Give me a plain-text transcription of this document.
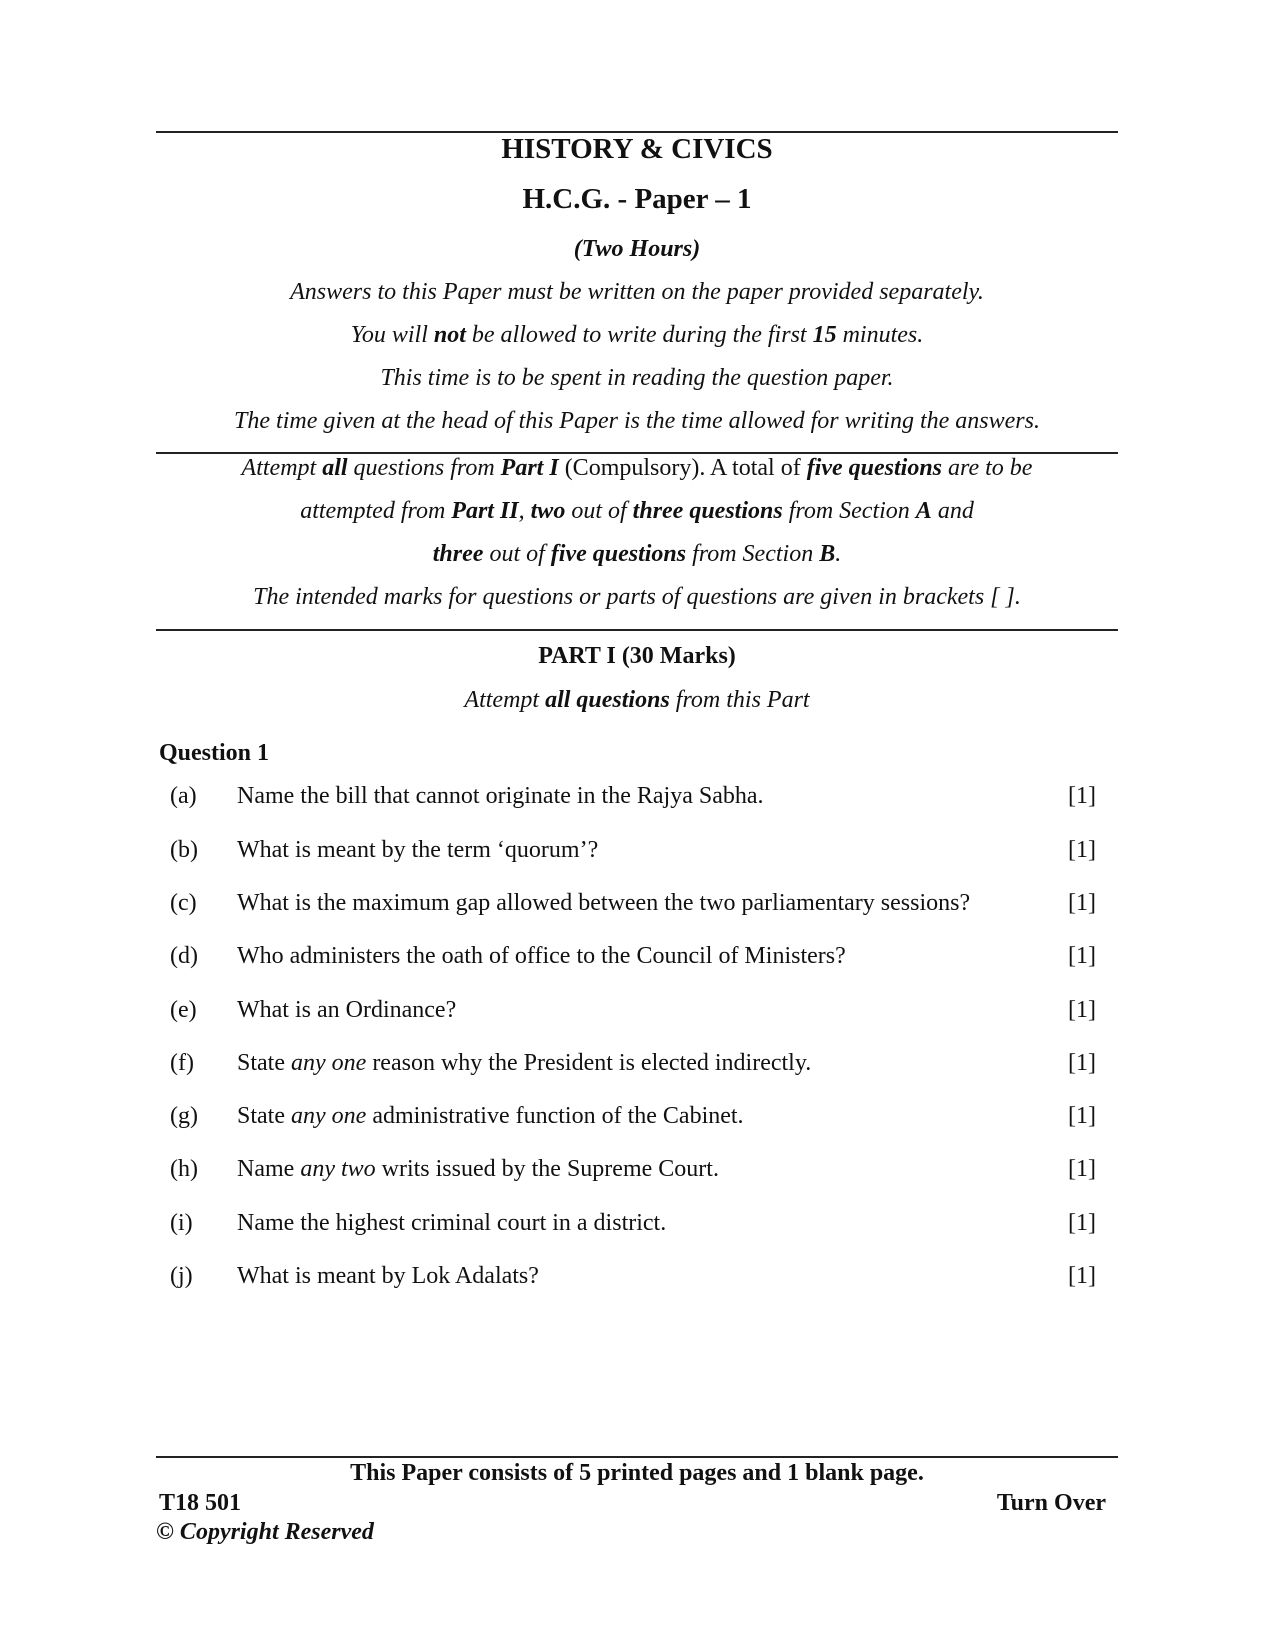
HISTORY & CIVICS
H.C.G. - Paper – 1
(Two Hours)
Answers to this Paper must be written on the paper provided separately.
You will not be allowed to write during the first 15 minutes.
This time is to be spent in reading the question paper.
The time given at the head of this Paper is the time allowed for writing the answers.
Attempt all questions from Part I (Compulsory). A total of five questions are to be
attempted from Part II, two out of three questions from Section A and
three out of five questions from Section B.
The intended marks for questions or parts of questions are given in brackets [ ].
PART I (30 Marks)
Attempt all questions from this Part
Question 1
(a) Name the bill that cannot originate in the Rajya Sabha.	[1]
(b) What is meant by the term ‘quorum’?	[1]
(c) What is the maximum gap allowed between the two parliamentary sessions?	[1]
(d) Who administers the oath of office to the Council of Ministers?	[1]
(e) What is an Ordinance?	[1]
(f) State any one reason why the President is elected indirectly.	[1]
(g) State any one administrative function of the Cabinet.	[1]
(h) Name any two writs issued by the Supreme Court.	[1]
(i) Name the highest criminal court in a district.	[1]
(j) What is meant by Lok Adalats?	[1]
This Paper consists of 5 printed pages and 1 blank page.
T18 501	Turn Over
© Copyright Reserved
